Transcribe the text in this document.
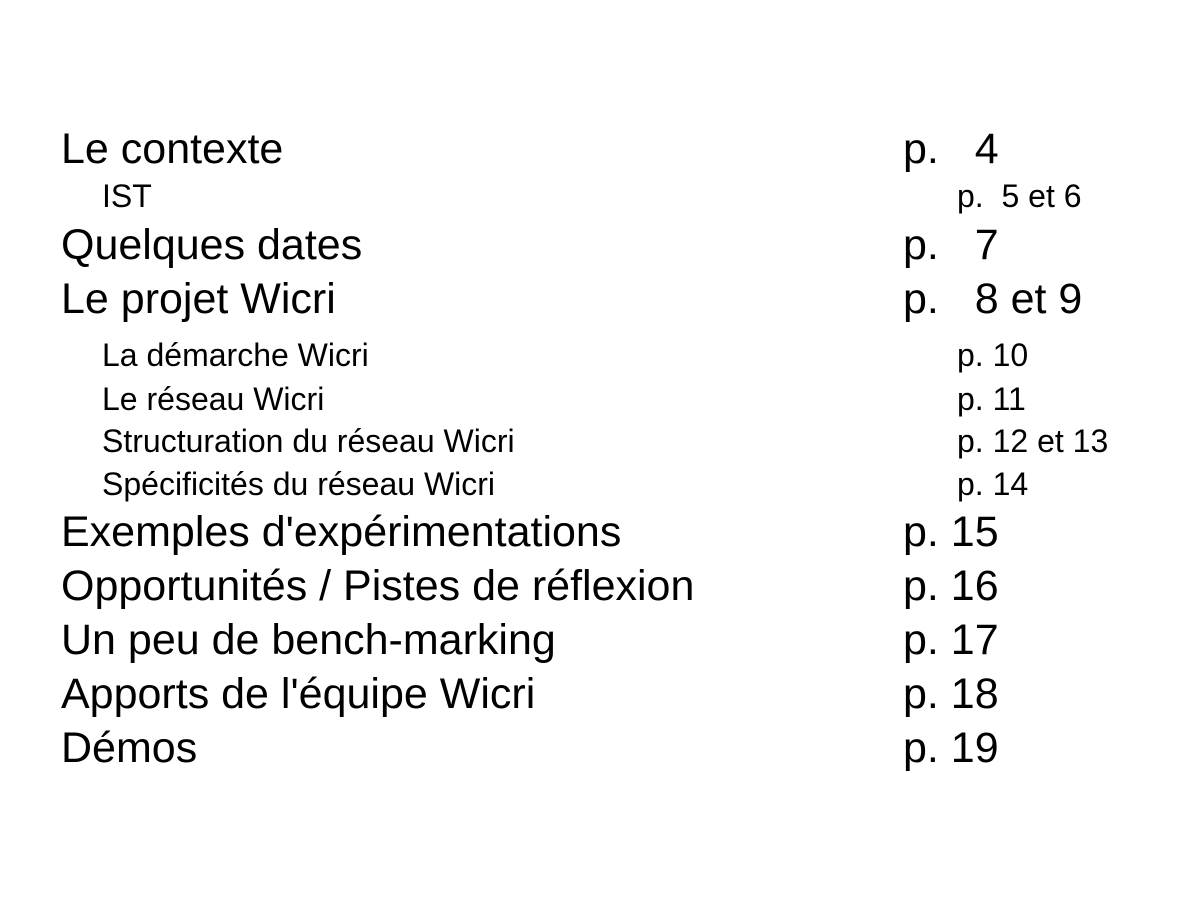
Le contexte	p.   4
IST	p.  5 et 6
Quelques dates	p.   7
Le projet Wicri	p.   8 et 9
La démarche Wicri	p. 10
Le réseau Wicri	p. 11
Structuration du réseau Wicri	p. 12 et 13
Spécificités du réseau Wicri	p. 14
Exemples d'expérimentations	p. 15
Opportunités / Pistes de réflexion	p. 16
Un peu de bench-marking	p. 17
Apports de l'équipe Wicri	p. 18
Démos	p. 19
